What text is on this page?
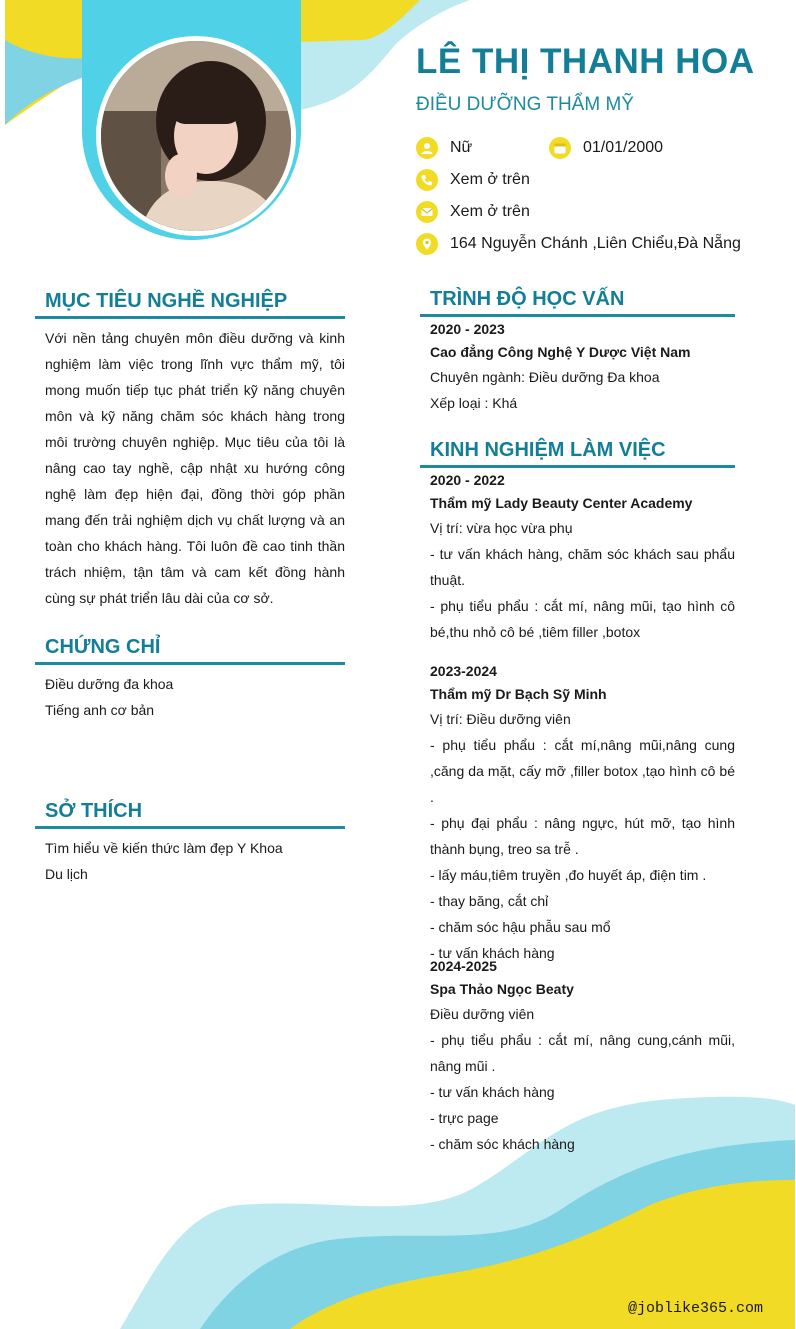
LÊ THỊ THANH HOA
ĐIỀU DƯỠNG THẨM MỸ
Nữ	01/01/2000
Xem ở trên
Xem ở trên
164 Nguyễn Chánh ,Liên Chiểu,Đà Nẵng
MỤC TIÊU NGHỀ NGHIỆP
Với nền tảng chuyên môn điều dưỡng và kinh nghiệm làm việc trong lĩnh vực thẩm mỹ, tôi mong muốn tiếp tục phát triển kỹ năng chuyên môn và kỹ năng chăm sóc khách hàng trong môi trường chuyên nghiệp. Mục tiêu của tôi là nâng cao tay nghề, cập nhật xu hướng công nghệ làm đẹp hiện đại, đồng thời góp phần mang đến trải nghiệm dịch vụ chất lượng và an toàn cho khách hàng. Tôi luôn đề cao tinh thần trách nhiệm, tận tâm và cam kết đồng hành cùng sự phát triển lâu dài của cơ sở.
CHỨNG CHỈ
Điều dưỡng đa khoa
Tiếng anh cơ bản
SỞ THÍCH
Tìm hiểu về kiến thức làm đẹp Y Khoa
Du lịch
TRÌNH ĐỘ HỌC VẤN
2020 - 2023
Cao đẳng Công Nghệ Y Dược Việt Nam
Chuyên ngành: Điều dưỡng Đa khoa
Xếp loại : Khá
KINH NGHIỆM LÀM VIỆC
2020 - 2022
Thẩm mỹ Lady Beauty Center Academy
Vị trí: vừa học vừa phụ
- tư vấn khách hàng, chăm sóc khách sau phẩu thuật.
- phụ tiểu phẩu : cắt mí, nâng mũi, tạo hình cô bé,thu nhỏ cô bé ,tiêm filler ,botox
2023-2024
Thẩm mỹ Dr Bạch Sỹ Minh
Vị trí: Điều dưỡng viên
- phụ tiểu phẩu : cắt mí,nâng mũi,nâng cung ,căng da mặt, cấy mỡ ,filler botox ,tạo hình cô bé .
- phụ đại phẩu : nâng ngực, hút mỡ, tạo hình thành bụng, treo sa trễ .
- lấy máu,tiêm truyền ,đo huyết áp, điện tim .
- thay băng, cắt chỉ
- chăm sóc hậu phẫu sau mổ
- tư vấn khách hàng
2024-2025
Spa Thảo Ngọc Beaty
Điều dưỡng viên
- phụ tiểu phẩu : cắt mí, nâng cung,cánh mũi, nâng mũi .
- tư vấn khách hàng
- trực page
- chăm sóc khách hàng
@joblike365.com
